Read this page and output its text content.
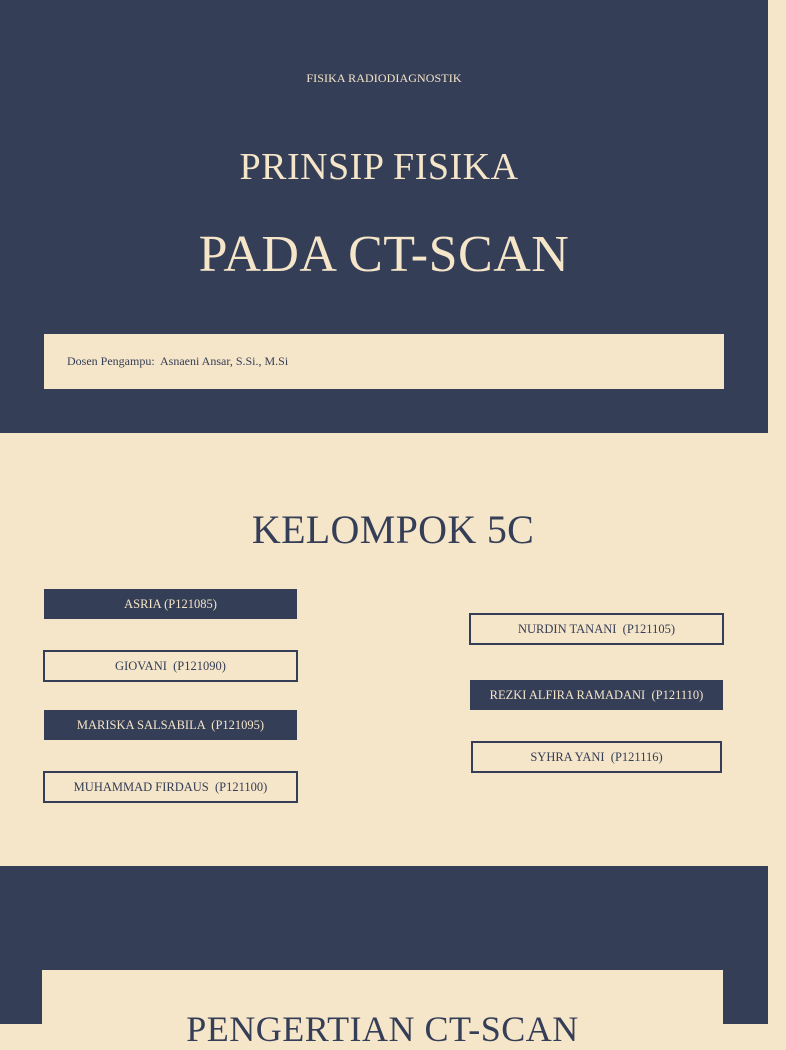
FISIKA RADIODIAGNOSTIK
PRINSIP FISIKA
PADA CT-SCAN
Dosen Pengampu:  Asnaeni Ansar, S.Si., M.Si
KELOMPOK 5C
ASRIA (P121085)
GIOVANI  (P121090)
MARISKA SALSABILA  (P121095)
MUHAMMAD FIRDAUS  (P121100)
NURDIN TANANI  (P121105)
REZKI ALFIRA RAMADANI  (P121110)
SYHRA YANI  (P121116)
PENGERTIAN CT-SCAN
